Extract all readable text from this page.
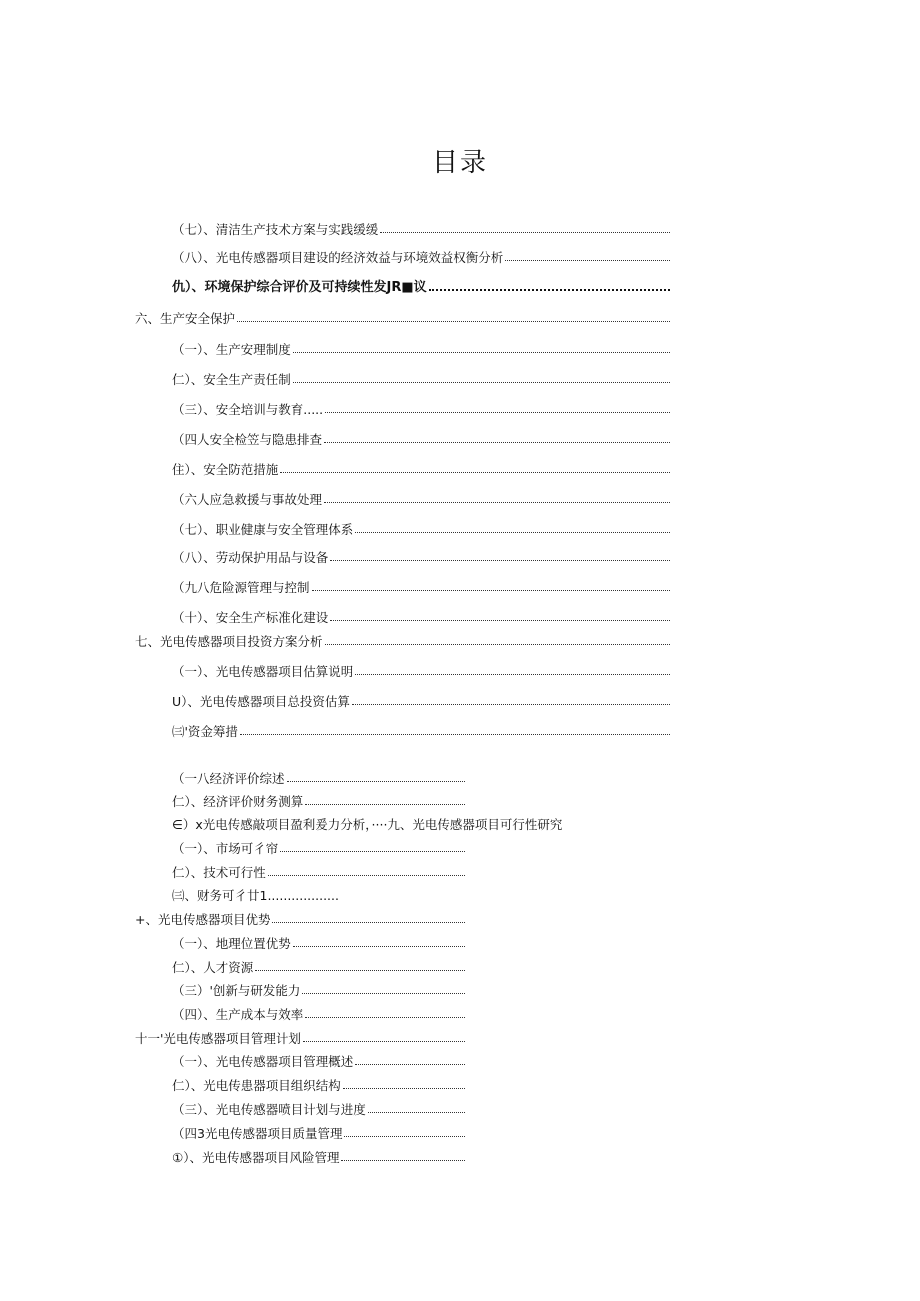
目录
（七）、清洁生产技术方案与实践缓缓
（八）、光电传感器项目建设的经济效益与环境效益权衡分析
仇）、环境保护综合评价及可持续性发JR■议
六、生产安全保护
（一）、生产安理制度
仁）、安全生产责任制
（三）、安全培训与教育.....
（四人安全检笠与隐患排查
住）、安全防范措施
（六人应急救援与事故处理
（七）、职业健康与安全管理体系
（八）、劳动保护用品与设备
（九八危险源管理与控制
（十）、安全生产标准化建设
七、光电传感器项目投资方案分析
（一）、光电传感器项目估算说明
U）、光电传感器项目总投资估算
㈢'资金筹措
（一八经济评价综述
仁）、经济评价财务测算
∈）ⅹ光电传感敲项目盈利爰力分析，····九、光电传感器项目可行性研究
（一）、市场可彳帘
仁）、技术可行性
㈢、财务可彳廿1..................
+、光电传感器项目优势
（一）、地理位置优势
仁）、人才资源
（三）'创新与研发能力
（四）、生产成本与效率
十一'光电传感器项目管理计划
（一）、光电传感器项目管理概述
仁）、光电传患器项目组织结构
（三）、光电传感器喷目计划与进度
（四3光电传感器项目质量管理
①）、光电传感器项目风险管理
